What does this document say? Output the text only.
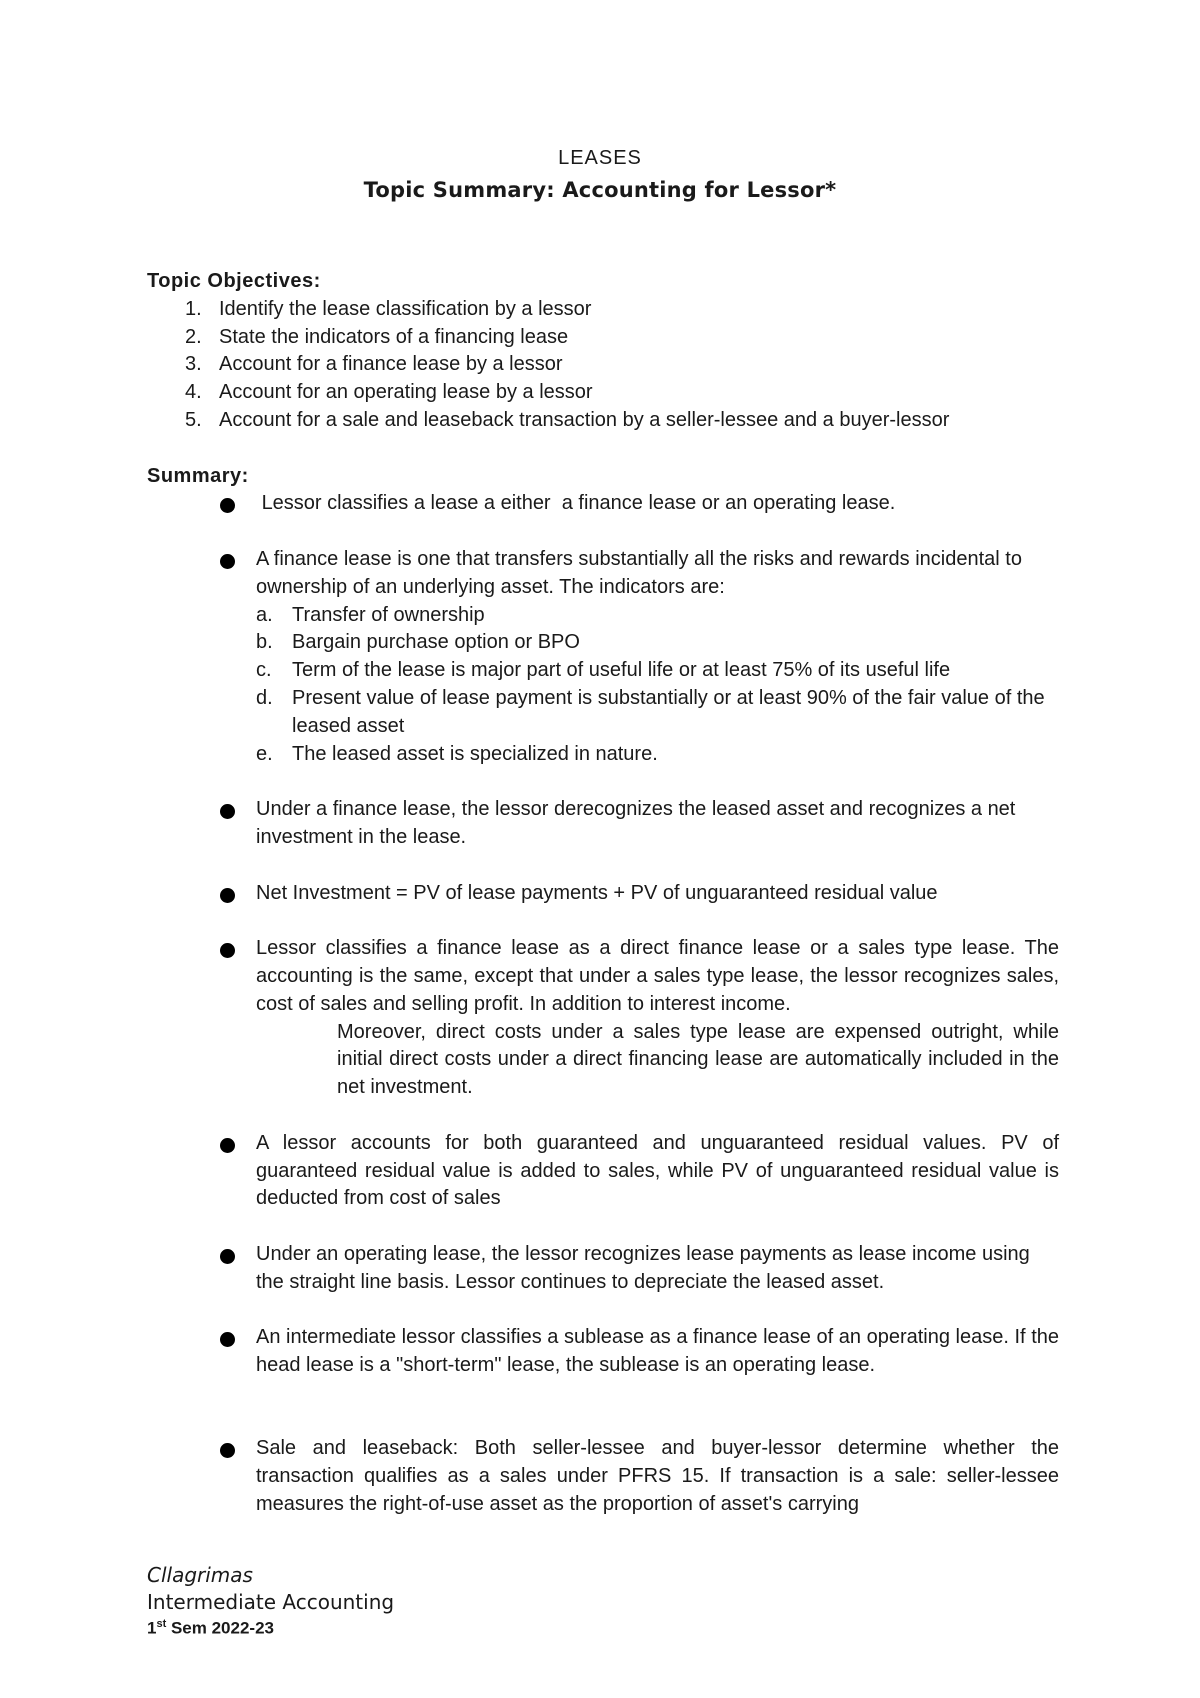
LEASES
Topic Summary: Accounting for Lessor*
Topic Objectives:
1. Identify the lease classification by a lessor
2. State the indicators of a financing lease
3. Account for a finance lease by a lessor
4. Account for an operating lease by a lessor
5. Account for a sale and leaseback transaction by a seller-lessee and a buyer-lessor
Summary:
Lessor classifies a lease a either  a finance lease or an operating lease.
A finance lease is one that transfers substantially all the risks and rewards incidental to ownership of an underlying asset. The indicators are:
a. Transfer of ownership
b. Bargain purchase option or BPO
c. Term of the lease is major part of useful life or at least 75% of its useful life
d. Present value of lease payment is substantially or at least 90% of the fair value of the leased asset
e. The leased asset is specialized in nature.
Under a finance lease, the lessor derecognizes the leased asset and recognizes a net investment in the lease.
Net Investment = PV of lease payments + PV of unguaranteed residual value
Lessor classifies a finance lease as a direct finance lease or a sales type lease. The accounting is the same, except that under a sales type lease, the lessor recognizes sales, cost of sales and selling profit. In addition to interest income.
Moreover, direct costs under a sales type lease are expensed outright, while initial direct costs under a direct financing lease are automatically included in the net investment.
A lessor accounts for both guaranteed and unguaranteed residual values. PV of guaranteed residual value is added to sales, while PV of unguaranteed residual value is deducted from cost of sales
Under an operating lease, the lessor recognizes lease payments as lease income using the straight line basis. Lessor continues to depreciate the leased asset.
An intermediate lessor classifies a sublease as a finance lease of an operating lease. If the head lease is a "short-term" lease, the sublease is an operating lease.
Sale and leaseback: Both seller-lessee and buyer-lessor determine whether the transaction qualifies as a sales under PFRS 15. If transaction is a sale: seller-lessee measures the right-of-use asset as the proportion of asset's carrying
Cllagrimas
Intermediate Accounting
1st Sem 2022-23
